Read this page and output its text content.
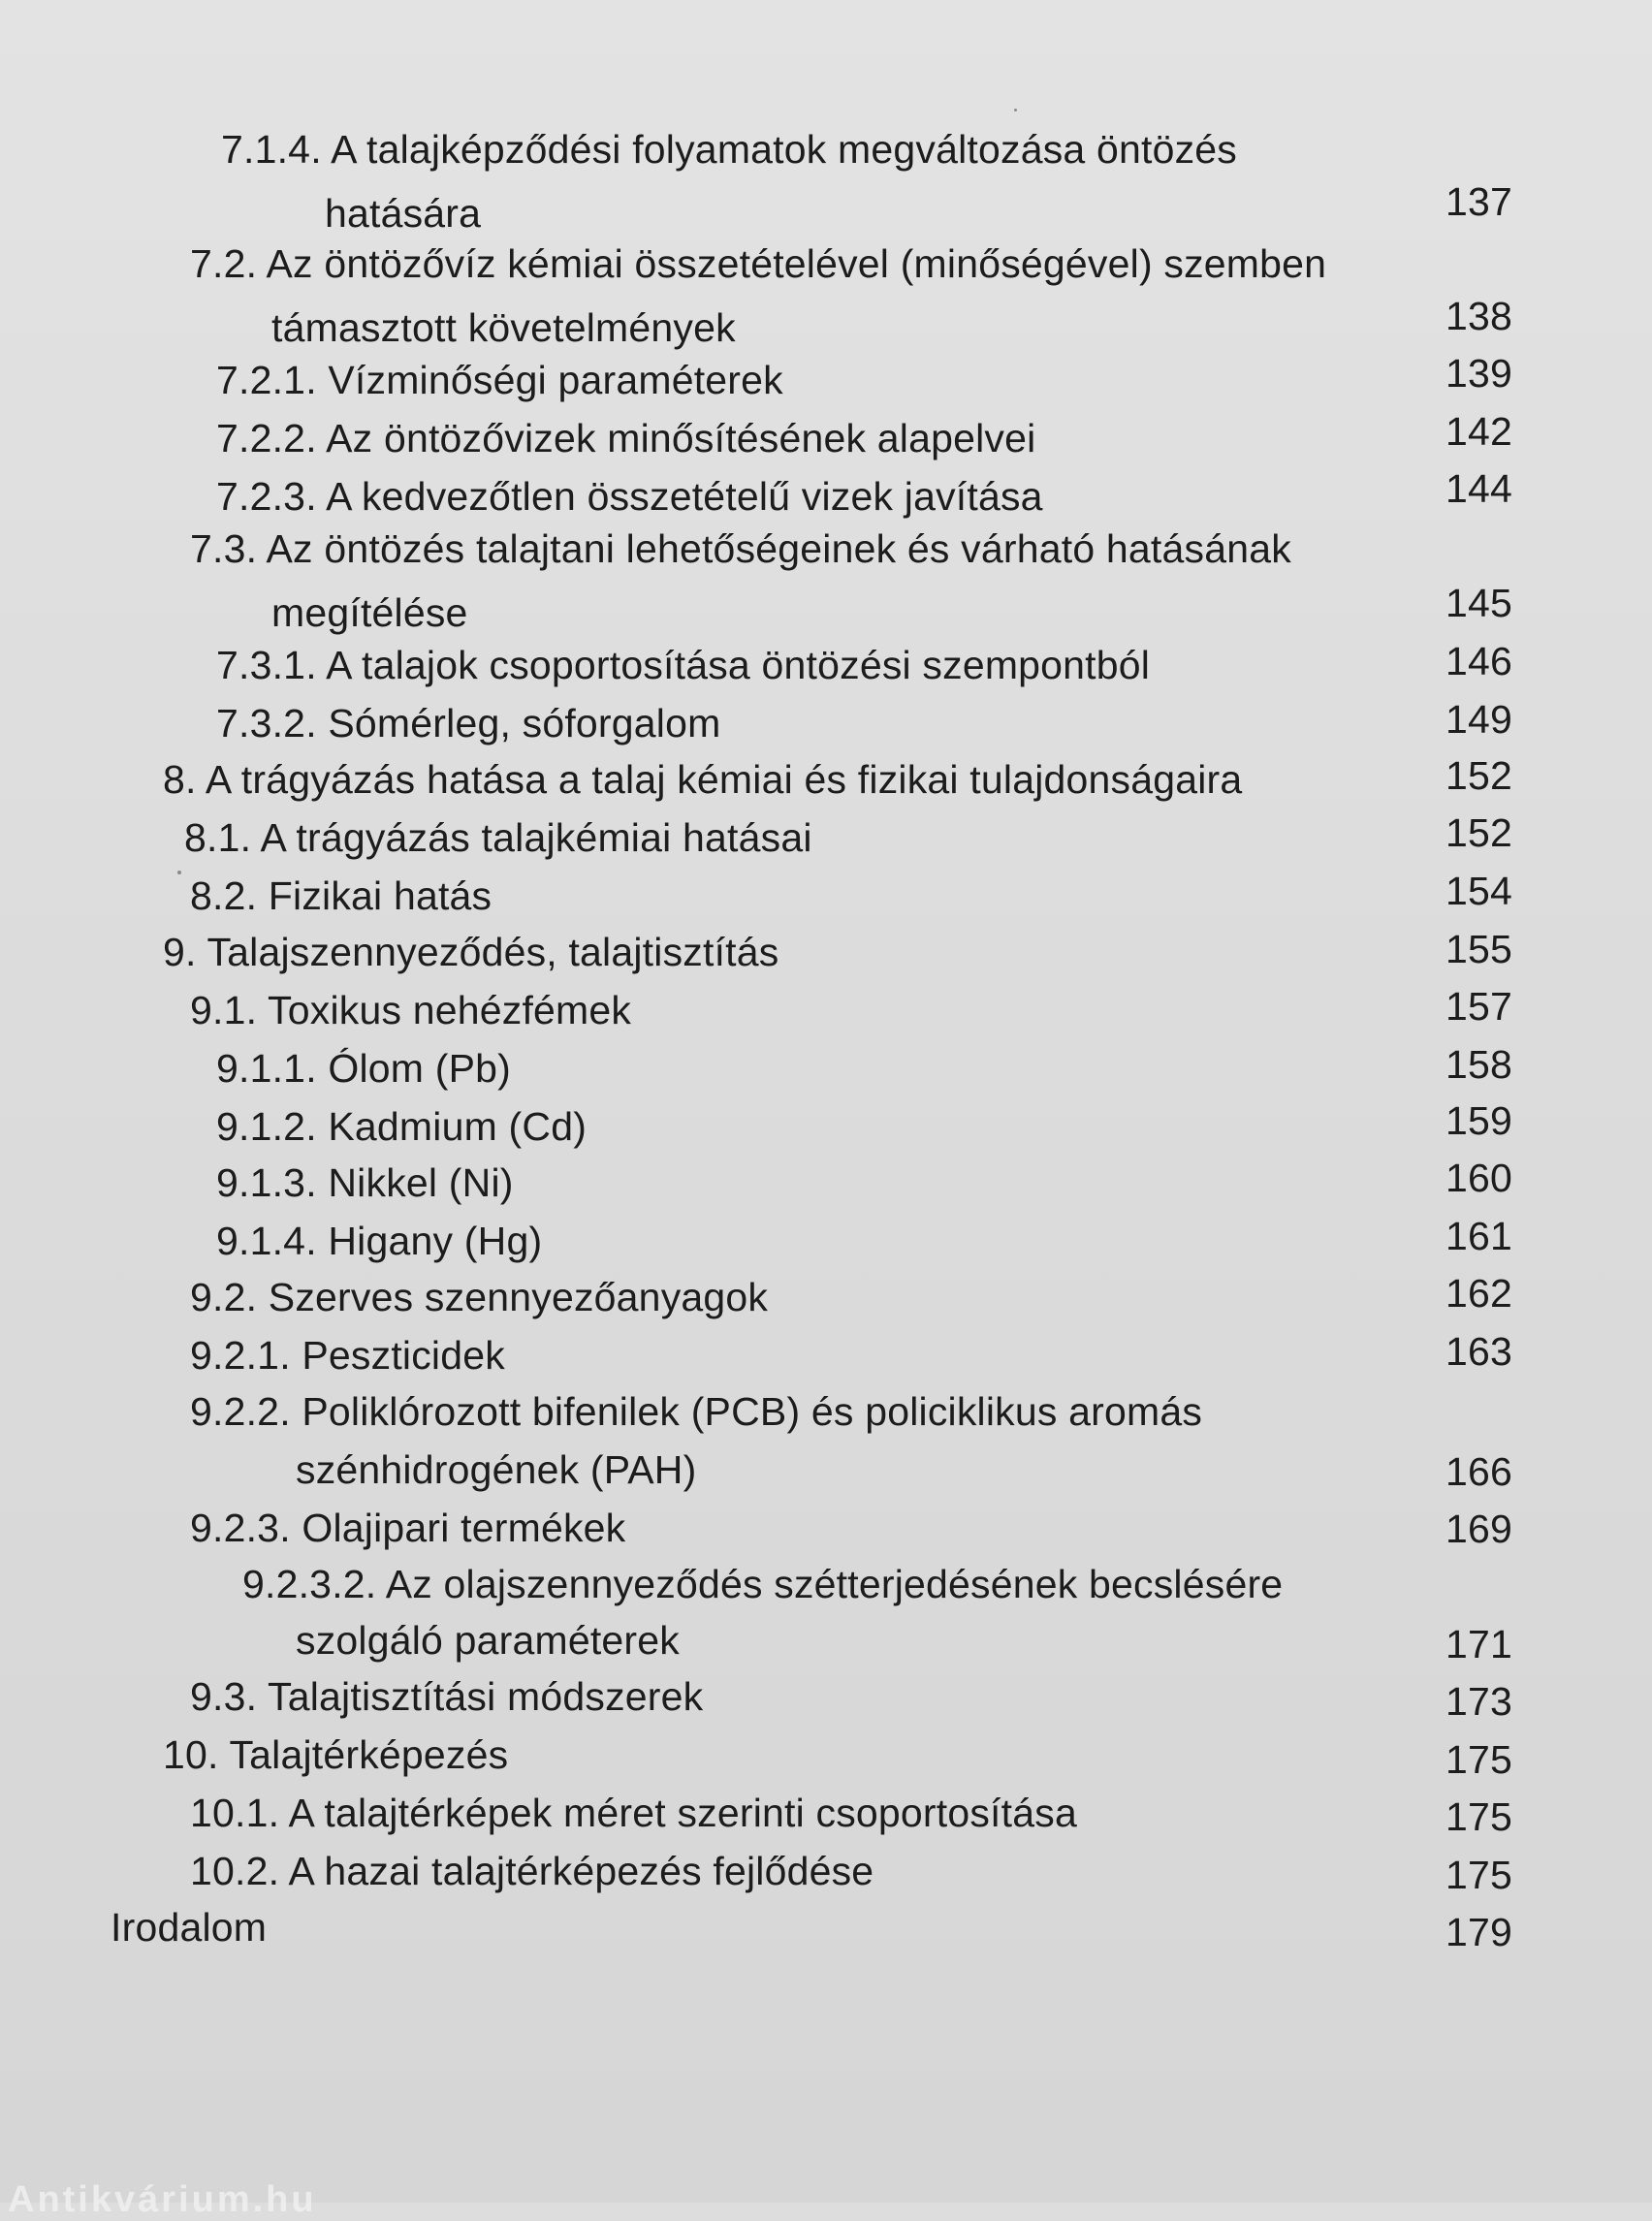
7.1.4. A talajképződési folyamatok megváltozása öntözés
hatására	137
7.2. Az öntözővíz kémiai összetételével (minőségével) szemben
támasztott követelmények	138
7.2.1. Vízminőségi paraméterek	139
7.2.2. Az öntözővizek minősítésének alapelvei	142
7.2.3. A kedvezőtlen összetételű vizek javítása	144
7.3. Az öntözés talajtani lehetőségeinek és várható hatásának
megítélése	145
7.3.1. A talajok csoportosítása öntözési szempontból	146
7.3.2. Sómérleg, sóforgalom	149
8. A trágyázás hatása a talaj kémiai és fizikai tulajdonságaira	152
8.1. A trágyázás talajkémiai hatásai	152
8.2. Fizikai hatás	154
9. Talajszennyeződés, talajtisztítás	155
9.1. Toxikus nehézfémek	157
9.1.1. Ólom (Pb)	158
9.1.2. Kadmium (Cd)	159
9.1.3. Nikkel (Ni)	160
9.1.4. Higany (Hg)	161
9.2. Szerves szennyezőanyagok	162
9.2.1. Peszticidek	163
9.2.2. Poliklórozott bifenilek (PCB) és policiklikus aromás
szénhidrogének (PAH)	166
9.2.3. Olajipari termékek	169
9.2.3.2. Az olajszennyeződés szétterjedésének becslésére
szolgáló paraméterek	171
9.3. Talajtisztítási módszerek	173
10. Talajtérképezés	175
10.1. A talajtérképek méret szerinti csoportosítása	175
10.2. A hazai talajtérképezés fejlődése	175
Irodalom	179
Antikvárium.hu
